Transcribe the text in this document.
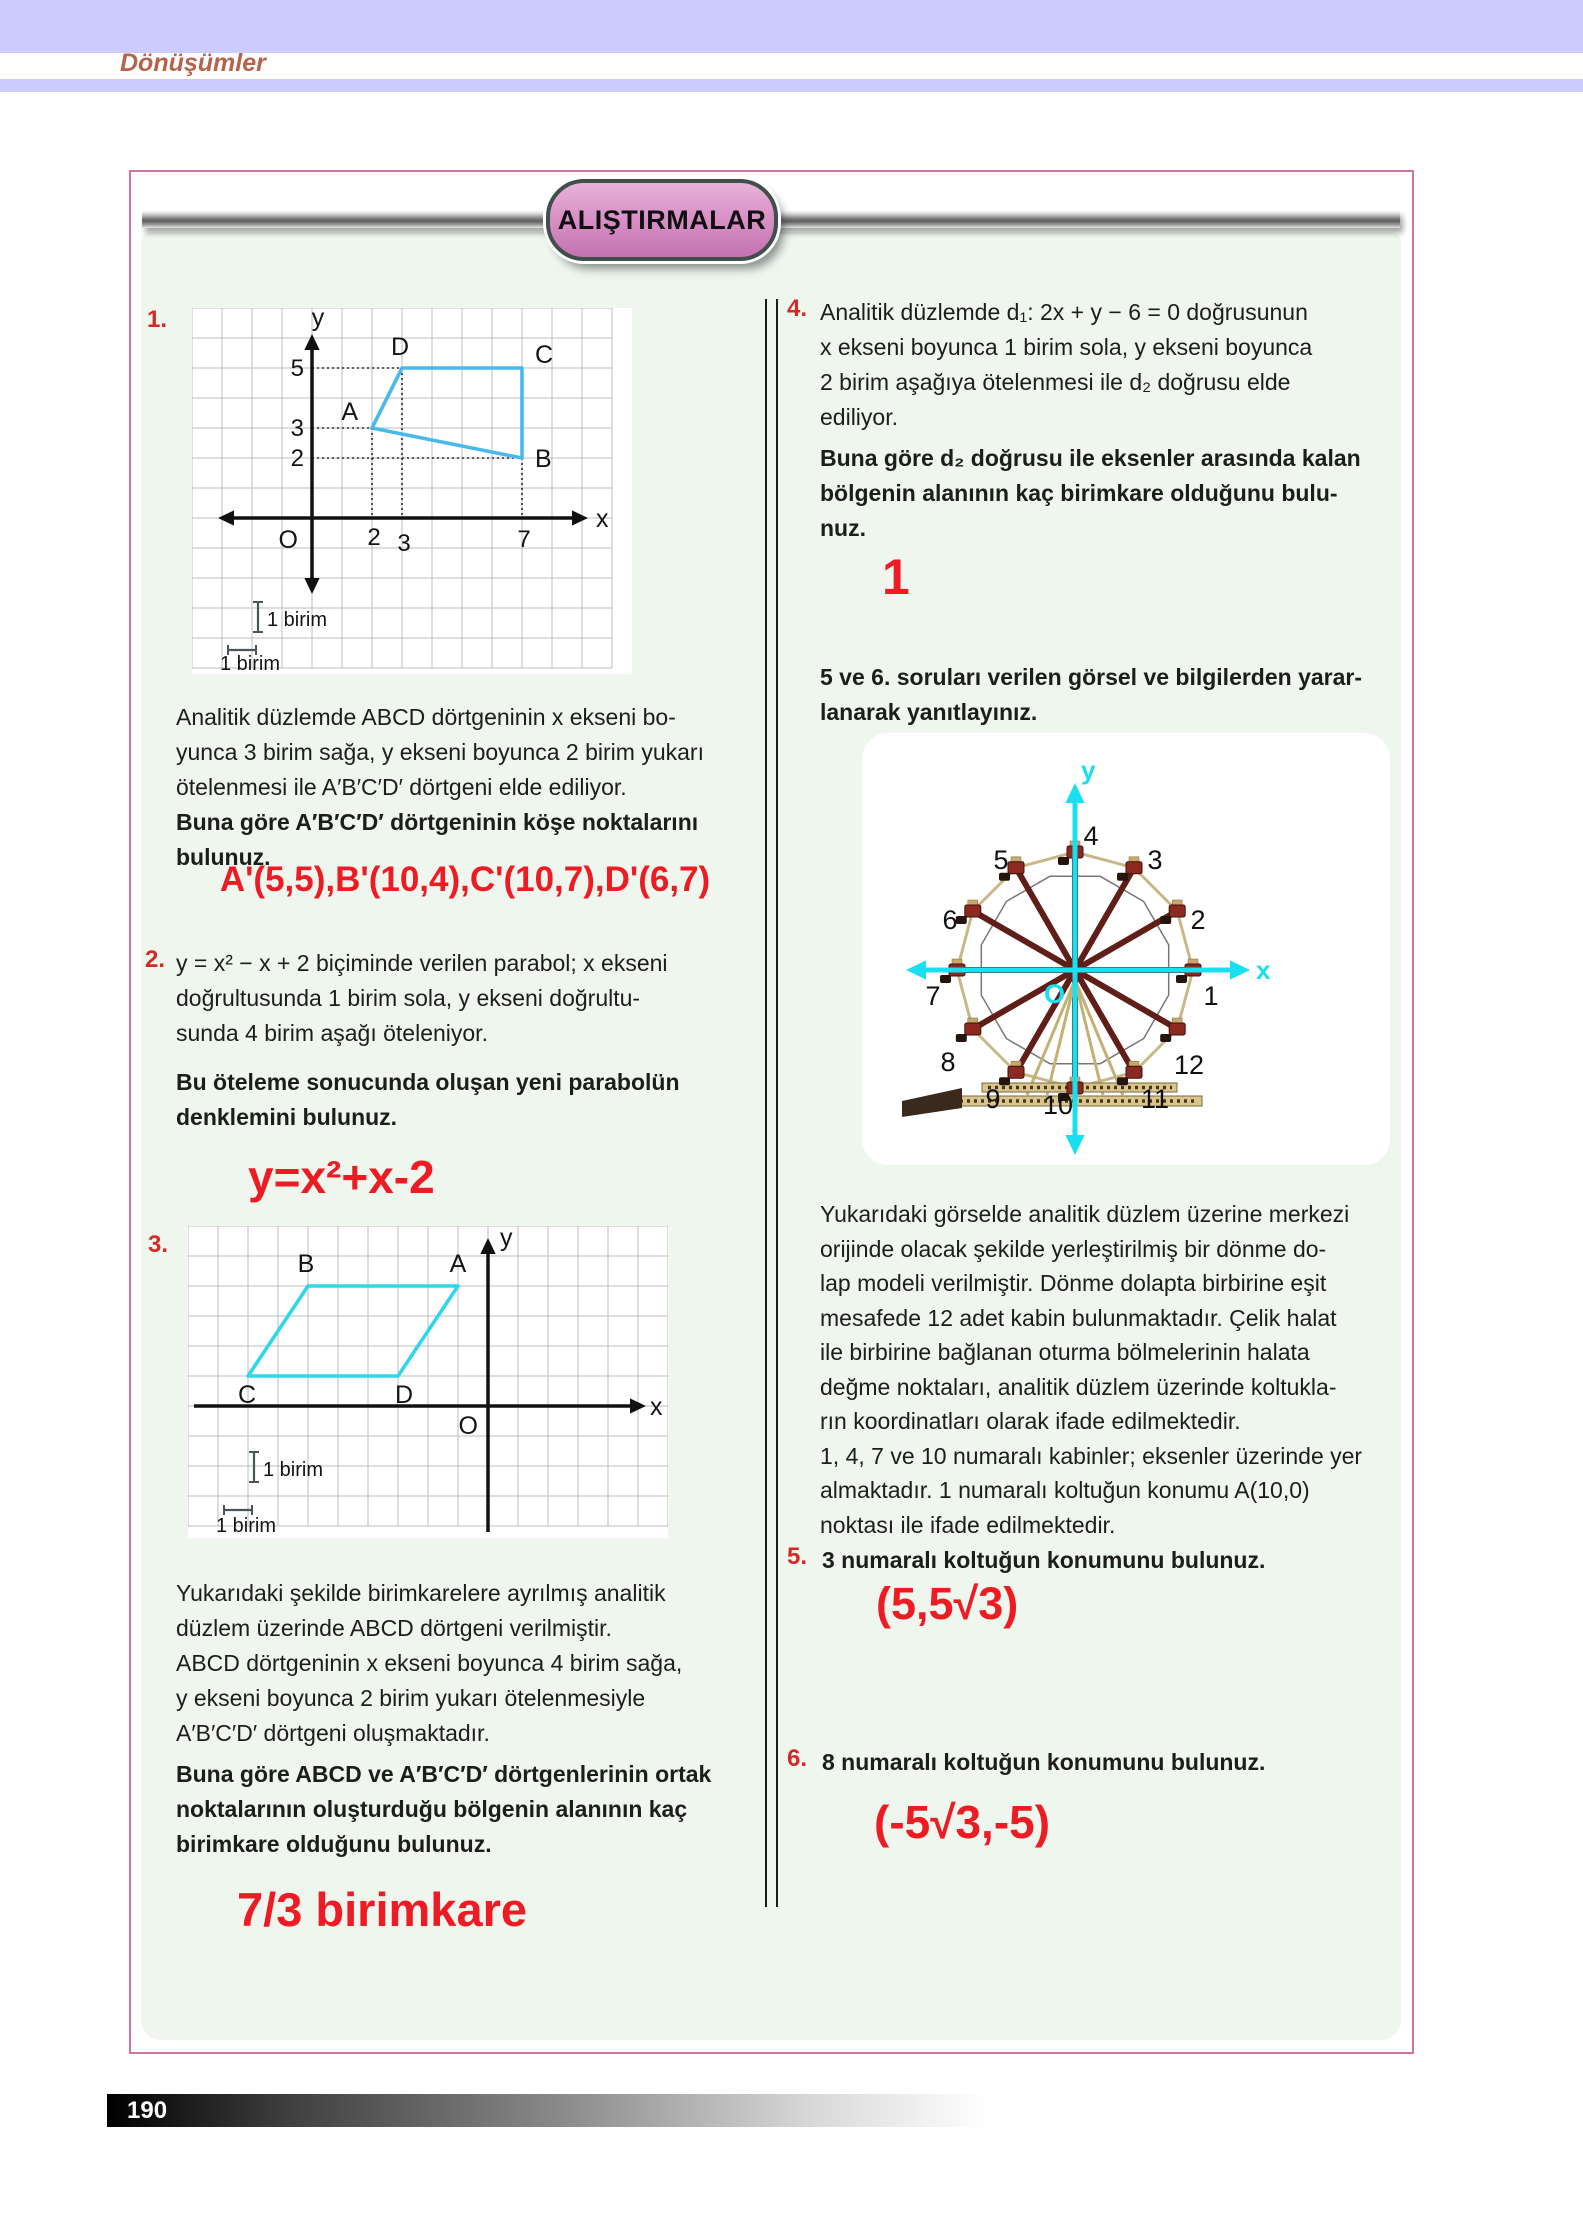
Dönüşümler
ALIŞTIRMALAR
1.	y
x
O
5
3
2
2 3	7
A
B
C
D
1 birim
1 birim
Analitik düzlemde ABCD dörtgeninin x ekseni bo-
yunca 3 birim sağa, y ekseni boyunca 2 birim yukarı
ötelenmesi ile A′B′C′D′ dörtgeni elde ediliyor.
Buna göre A′B′C′D′ dörtgeninin köşe noktalarını
bulunuz.
A'(5,5),B'(10,4),C'(10,7),D'(6,7)
2. y = x² − x + 2 biçiminde verilen parabol; x ekseni
doğrultusunda 1 birim sola, y ekseni doğrultu-
sunda 4 birim aşağı öteleniyor.
Bu öteleme sonucunda oluşan yeni parabolün
denklemini bulunuz.
y=x²+x-2
3.	y
x
O
B	A
C	D
1 birim
1 birim
Yukarıdaki şekilde birimkarelere ayrılmış analitik
düzlem üzerinde ABCD dörtgeni verilmiştir.
ABCD dörtgeninin x ekseni boyunca 4 birim sağa,
y ekseni boyunca 2 birim yukarı ötelenmesiyle
A′B′C′D′ dörtgeni oluşmaktadır.
Buna göre ABCD ve A′B′C′D′ dörtgenlerinin ortak
noktalarının oluşturduğu bölgenin alanının kaç
birimkare olduğunu bulunuz.
7/3 birimkare
4. Analitik düzlemde d₁: 2x + y − 6 = 0 doğrusunun
x ekseni boyunca 1 birim sola, y ekseni boyunca
2 birim aşağıya ötelenmesi ile d₂ doğrusu elde
ediliyor.
Buna göre d₂ doğrusu ile eksenler arasında kalan
bölgenin alanının kaç birimkare olduğunu bulu-
nuz.
1
5 ve 6. soruları verilen görsel ve bilgilerden yarar-
lanarak yanıtlayınız.
y
x
O	1
2
3
4
5
6
7
8
9 10	11
12
Yukarıdaki görselde analitik düzlem üzerine merkezi
orijinde olacak şekilde yerleştirilmiş bir dönme do-
lap modeli verilmiştir. Dönme dolapta birbirine eşit
mesafede 12 adet kabin bulunmaktadır. Çelik halat
ile birbirine bağlanan oturma bölmelerinin halata
değme noktaları, analitik düzlem üzerinde koltukla-
rın koordinatları olarak ifade edilmektedir.
1, 4, 7 ve 10 numaralı kabinler; eksenler üzerinde yer
almaktadır. 1 numaralı koltuğun konumu A(10,0)
noktası ile ifade edilmektedir.
5. 3 numaralı koltuğun konumunu bulunuz.
(5,5√3)
6. 8 numaralı koltuğun konumunu bulunuz.
(-5√3,-5)
190
